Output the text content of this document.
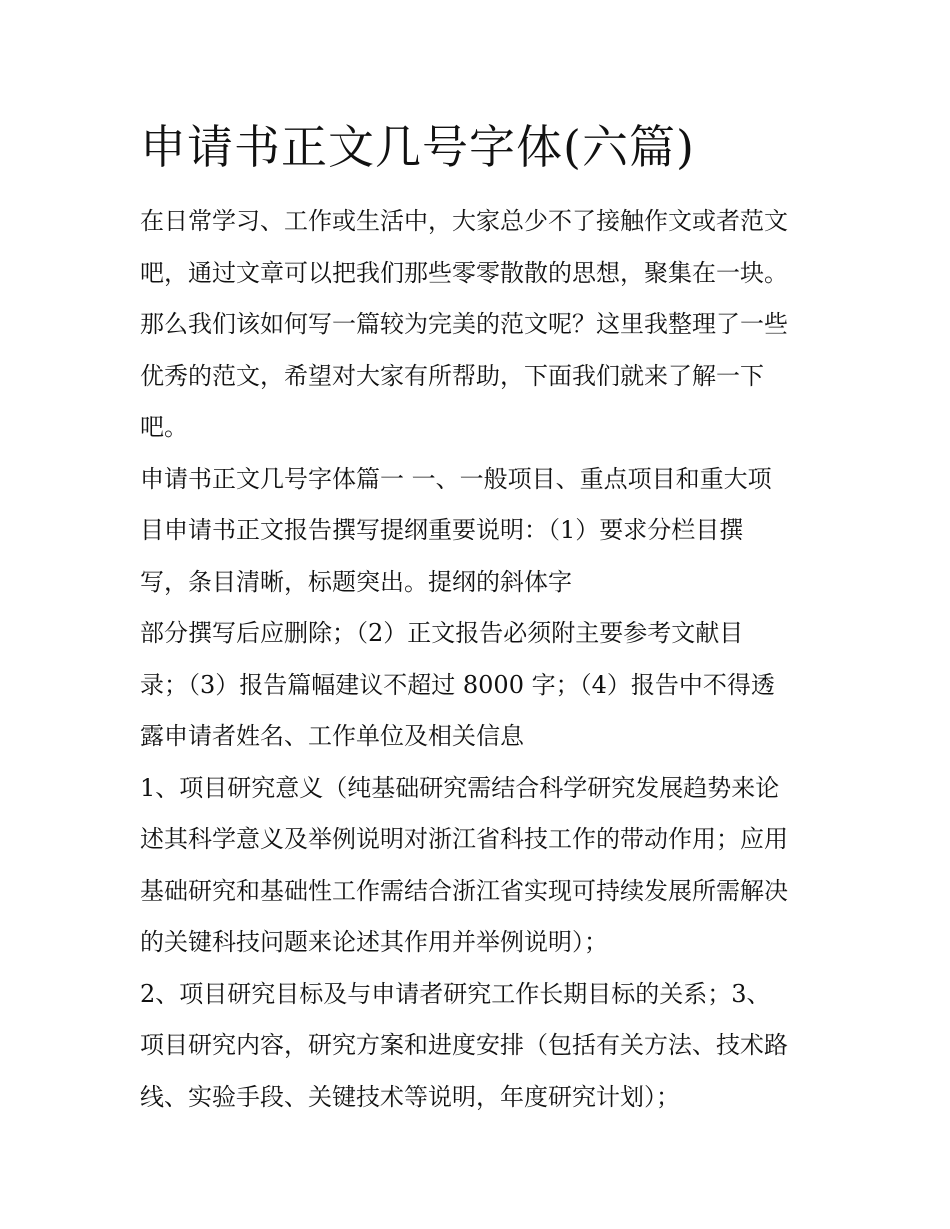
申请书正文几号字体(六篇)

在日常学习、工作或生活中，大家总少不了接触作文或者范文

吧，通过文章可以把我们那些零零散散的思想，聚集在一块。

那么我们该如何写一篇较为完美的范文呢？这里我整理了一些

优秀的范文，希望对大家有所帮助，下面我们就来了解一下

吧。

申请书正文几号字体篇一 一、一般项目、重点项目和重大项

目申请书正文报告撰写提纲重要说明：（1）要求分栏目撰

写，条目清晰，标题突出。提纲的斜体字

部分撰写后应删除；（2）正文报告必须附主要参考文献目

录；（3）报告篇幅建议不超过 8000 字；（4）报告中不得透

露申请者姓名、工作单位及相关信息

1、项目研究意义（纯基础研究需结合科学研究发展趋势来论

述其科学意义及举例说明对浙江省科技工作的带动作用；应用

基础研究和基础性工作需结合浙江省实现可持续发展所需解决

的关键科技问题来论述其作用并举例说明）；

2、项目研究目标及与申请者研究工作长期目标的关系；3、

项目研究内容，研究方案和进度安排（包括有关方法、技术路

线、实验手段、关键技术等说明，年度研究计划）；
